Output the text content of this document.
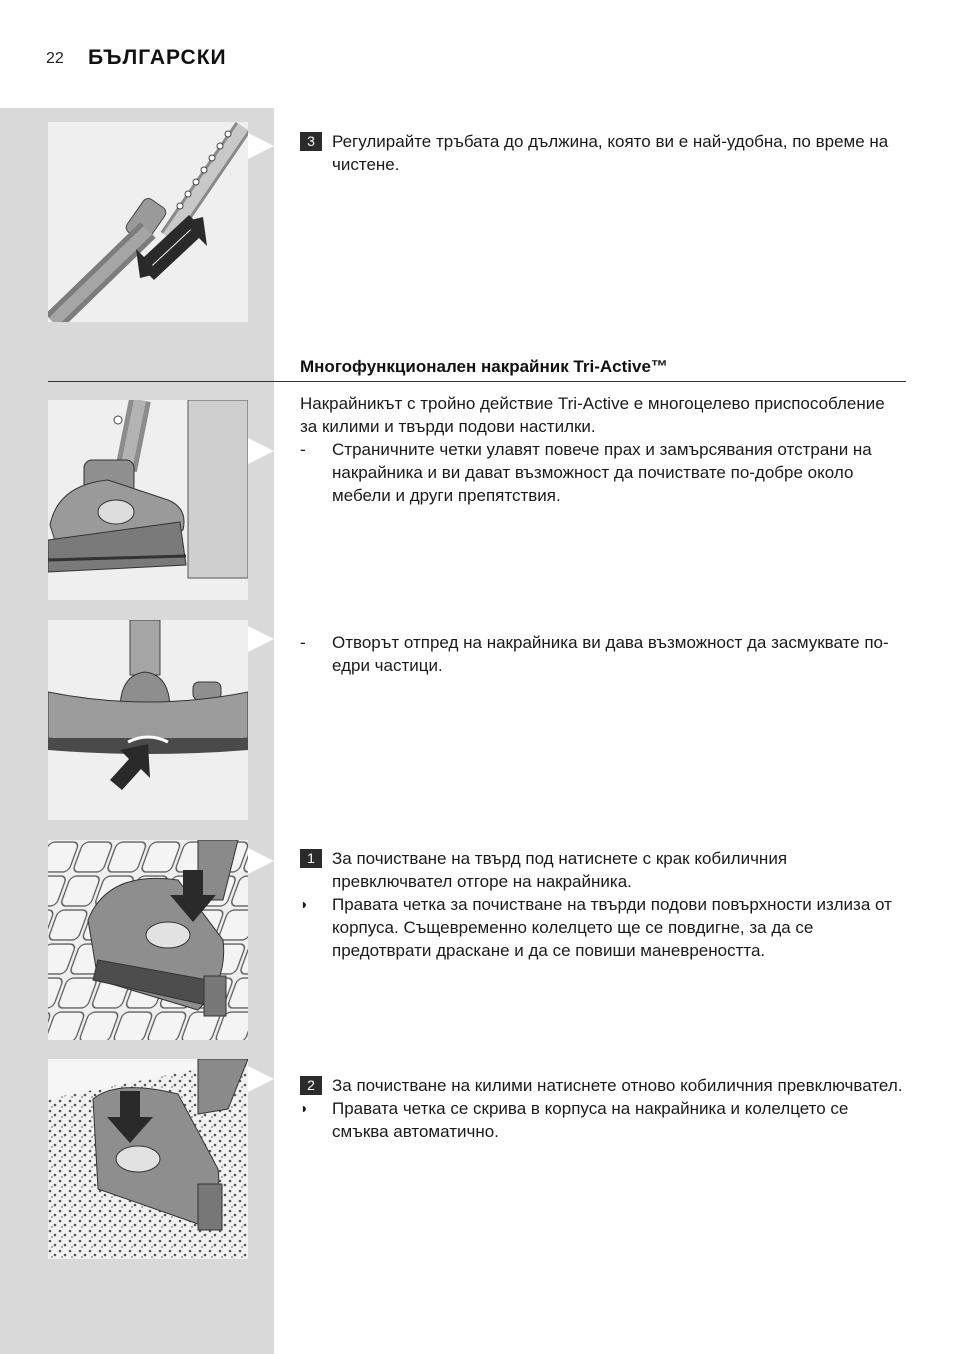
22 БЪЛГАРСКИ
3	Регулирайте тръбата до дължина, която ви е най-удобна, по време на чистене.
Многофункционален накрайник Tri-Active™
Накрайникът с тройно действие Tri-Active е многоцелево приспособление за килими и твърди подови настилки.
-	Страничните четки улавят повече прах и замърсявания отстрани на накрайника и ви дават възможност да почиствате по-добре около мебели и други препятствия.
-	Отворът отпред на накрайника ви дава възможност да засмуквате по-едри частици.
1	За почистване на твърд под натиснете с крак кобиличния превключвател отгоре на накрайника.
◗	Правата четка за почистване на твърди подови повърхности излиза от корпуса. Същевременно колелцето ще се повдигне, за да се предотврати драскане и да се повиши маневреността.
2	За почистване на килими натиснете отново кобиличния превключвател.
◗	Правата четка се скрива в корпуса на накрайника и колелцето се смъква автоматично.
